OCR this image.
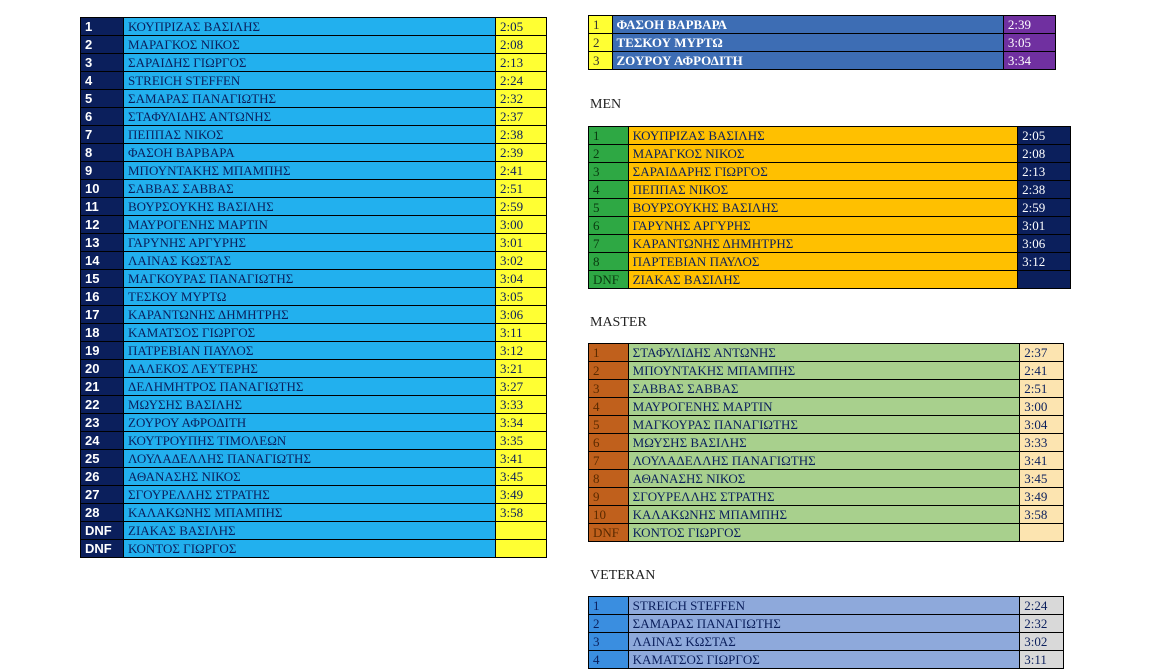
1	ΚΟΥΠΡΙΖΑΣ ΒΑΣΙΛΗΣ	2:05
2	ΜΑΡΑΓΚΟΣ ΝΙΚΟΣ	2:08
3	ΣΑΡΑΙΔΗΣ ΓΙΩΡΓΟΣ	2:13
4	STREICH STEFFEN	2:24
5	ΣΑΜΑΡΑΣ ΠΑΝΑΓΙΩΤΗΣ	2:32
6	ΣΤΑΦΥΛΙΔΗΣ ΑΝΤΩΝΗΣ	2:37
7	ΠΕΠΠΑΣ ΝΙΚΟΣ	2:38
8	ΦΑΣΟΗ ΒΑΡΒΑΡΑ	2:39
9	ΜΠΟΥΝΤΑΚΗΣ ΜΠΑΜΠΗΣ	2:41
10	ΣΑΒΒΑΣ ΣΑΒΒΑΣ	2:51
11	ΒΟΥΡΣΟΥΚΗΣ ΒΑΣΙΛΗΣ	2:59
12	ΜΑΥΡΟΓΕΝΗΣ ΜΑΡΤΙΝ	3:00
13	ΓΑΡΥΝΗΣ ΑΡΓΥΡΗΣ	3:01
14	ΛΑΙΝΑΣ ΚΩΣΤΑΣ	3:02
15	ΜΑΓΚΟΥΡΑΣ ΠΑΝΑΓΙΩΤΗΣ	3:04
16	ΤΕΣΚΟΥ ΜΥΡΤΩ	3:05
17	ΚΑΡΑΝΤΩΝΗΣ ΔΗΜΗΤΡΗΣ	3:06
18	ΚΑΜΑΤΣΟΣ ΓΙΩΡΓΟΣ	3:11
19	ΠΑΤΡΕΒΙΑΝ ΠΑΥΛΟΣ	3:12
20	ΔΑΛΕΚΟΣ ΛΕΥΤΕΡΗΣ	3:21
21	ΔΕΛΗΜΗΤΡΟΣ ΠΑΝΑΓΙΩΤΗΣ	3:27
22	ΜΩΥΣΗΣ ΒΑΣΙΛΗΣ	3:33
23	ΖΟΥΡΟΥ ΑΦΡΟΔΙΤΗ	3:34
24	ΚΟΥΤΡΟΥΠΗΣ ΤΙΜΟΛΕΩΝ	3:35
25	ΛΟΥΛΑΔΕΛΛΗΣ ΠΑΝΑΓΙΩΤΗΣ	3:41
26	ΑΘΑΝΑΣΗΣ ΝΙΚΟΣ	3:45
27	ΣΓΟΥΡΕΛΛΗΣ ΣΤΡΑΤΗΣ	3:49
28	ΚΑΛΑΚΩΝΗΣ ΜΠΑΜΠΗΣ	3:58
DNF	ΖΙΑΚΑΣ ΒΑΣΙΛΗΣ	
DNF	ΚΟΝΤΟΣ ΓΙΩΡΓΟΣ	
1	ΦΑΣΟΗ ΒΑΡΒΑΡΑ	2:39
2	ΤΕΣΚΟΥ ΜΥΡΤΩ	3:05
3	ΖΟΥΡΟΥ ΑΦΡΟΔΙΤΗ	3:34
MEN
1	ΚΟΥΠΡΙΖΑΣ ΒΑΣΙΛΗΣ	2:05
2	ΜΑΡΑΓΚΟΣ ΝΙΚΟΣ	2:08
3	ΣΑΡΑΙΔΑΡΗΣ ΓΙΩΡΓΟΣ	2:13
4	ΠΕΠΠΑΣ ΝΙΚΟΣ	2:38
5	ΒΟΥΡΣΟΥΚΗΣ ΒΑΣΙΛΗΣ	2:59
6	ΓΑΡΥΝΗΣ ΑΡΓΥΡΗΣ	3:01
7	ΚΑΡΑΝΤΩΝΗΣ ΔΗΜΗΤΡΗΣ	3:06
8	ΠΑΡΤΕΒΙΑΝ ΠΑΥΛΟΣ	3:12
DNF	ΖΙΑΚΑΣ ΒΑΣΙΛΗΣ	
MASTER
1	ΣΤΑΦΥΛΙΔΗΣ ΑΝΤΩΝΗΣ	2:37
2	ΜΠΟΥΝΤΑΚΗΣ ΜΠΑΜΠΗΣ	2:41
3	ΣΑΒΒΑΣ ΣΑΒΒΑΣ	2:51
4	ΜΑΥΡΟΓΕΝΗΣ ΜΑΡΤΙΝ	3:00
5	ΜΑΓΚΟΥΡΑΣ ΠΑΝΑΓΙΩΤΗΣ	3:04
6	ΜΩΥΣΗΣ ΒΑΣΙΛΗΣ	3:33
7	ΛΟΥΛΑΔΕΛΛΗΣ ΠΑΝΑΓΙΩΤΗΣ	3:41
8	ΑΘΑΝΑΣΗΣ ΝΙΚΟΣ	3:45
9	ΣΓΟΥΡΕΛΛΗΣ ΣΤΡΑΤΗΣ	3:49
10	ΚΑΛΑΚΩΝΗΣ ΜΠΑΜΠΗΣ	3:58
DNF	ΚΟΝΤΟΣ ΓΙΩΡΓΟΣ	
VETERAN
1	STREICH STEFFEN	2:24
2	ΣΑΜΑΡΑΣ ΠΑΝΑΓΙΩΤΗΣ	2:32
3	ΛΑΙΝΑΣ ΚΩΣΤΑΣ	3:02
4	ΚΑΜΑΤΣΟΣ ΓΙΩΡΓΟΣ	3:11
